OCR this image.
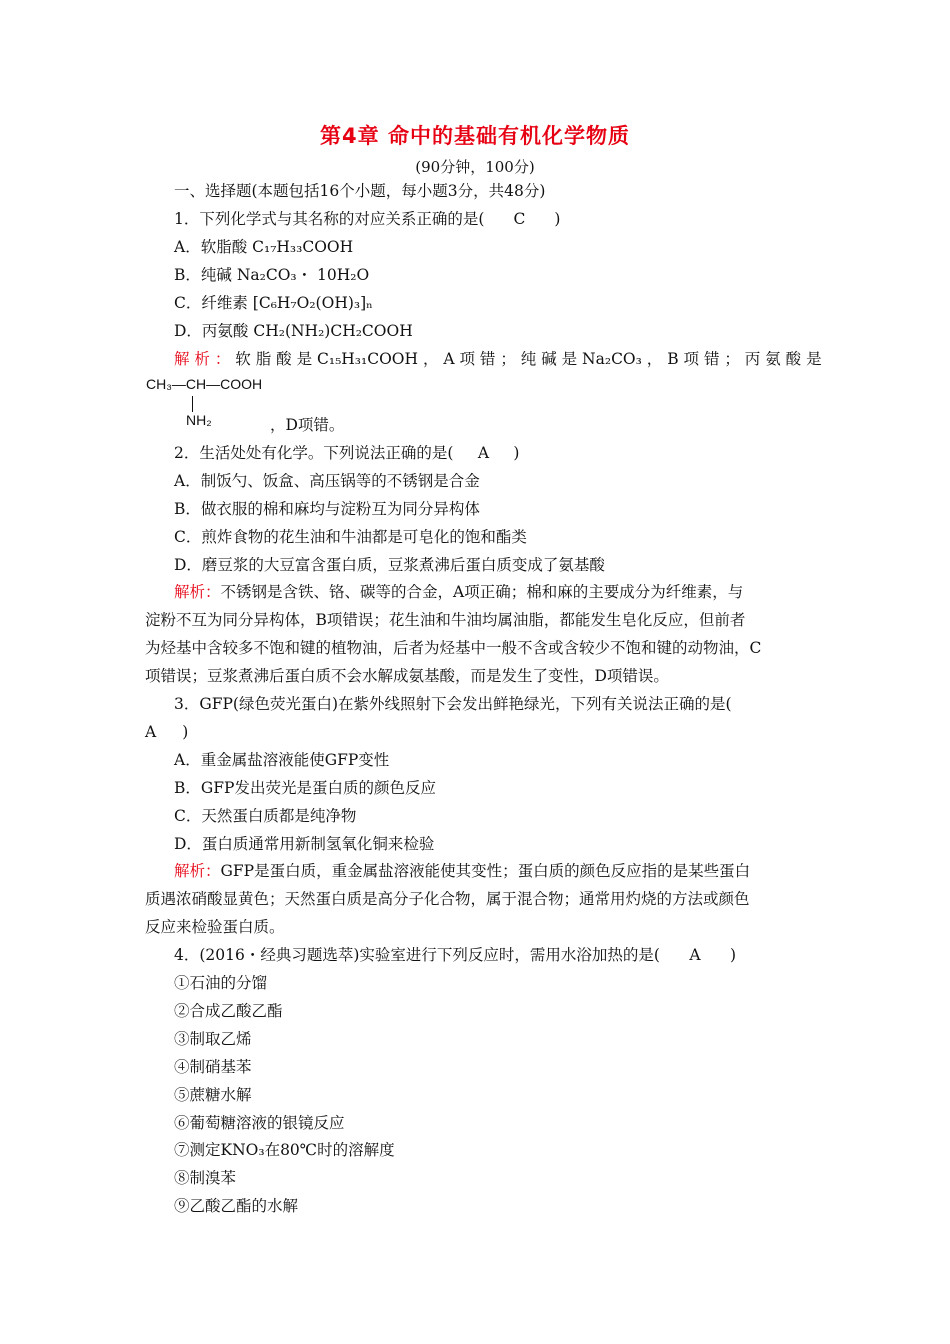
第4章 命中的基础有机化学物质
(90分钟，100分)
一、选择题(本题包括16个小题，每小题3分，共48分)
1．下列化学式与其名称的对应关系正确的是( C )
A．软脂酸 C₁₇H₃₃COOH
B．纯碱 Na₂CO₃・ 10H₂O
C．纤维素 [C₆H₇O₂(OH)₃]ₙ
D．丙氨酸 CH₂(NH₂)CH₂COOH
解 析 ： 软 脂 酸 是 C₁₅H₃₁COOH ， A 项 错 ； 纯 碱 是 Na₂CO₃ ， B 项 错 ； 丙 氨 酸 是
CH₃—CH—COOH
NH₂	，D项错。
2．生活处处有化学。下列说法正确的是( A )
A．制饭勺、饭盒、高压锅等的不锈钢是合金
B．做衣服的棉和麻均与淀粉互为同分异构体
C．煎炸食物的花生油和牛油都是可皂化的饱和酯类
D．磨豆浆的大豆富含蛋白质，豆浆煮沸后蛋白质变成了氨基酸
解析：不锈钢是含铁、铬、碳等的合金，A项正确；棉和麻的主要成分为纤维素，与
淀粉不互为同分异构体，B项错误；花生油和牛油均属油脂，都能发生皂化反应，但前者
为烃基中含较多不饱和键的植物油，后者为烃基中一般不含或含较少不饱和键的动物油，C
项错误；豆浆煮沸后蛋白质不会水解成氨基酸，而是发生了变性，D项错误。
3．GFP(绿色荧光蛋白)在紫外线照射下会发出鲜艳绿光，下列有关说法正确的是(
A )
A．重金属盐溶液能使GFP变性
B．GFP发出荧光是蛋白质的颜色反应
C．天然蛋白质都是纯净物
D．蛋白质通常用新制氢氧化铜来检验
解析：GFP是蛋白质，重金属盐溶液能使其变性；蛋白质的颜色反应指的是某些蛋白
质遇浓硝酸显黄色；天然蛋白质是高分子化合物，属于混合物；通常用灼烧的方法或颜色
反应来检验蛋白质。
4．(2016・经典习题选萃)实验室进行下列反应时，需用水浴加热的是( A )
①石油的分馏
②合成乙酸乙酯
③制取乙烯
④制硝基苯
⑤蔗糖水解
⑥葡萄糖溶液的银镜反应
⑦测定KNO₃在80℃时的溶解度
⑧制溴苯
⑨乙酸乙酯的水解
